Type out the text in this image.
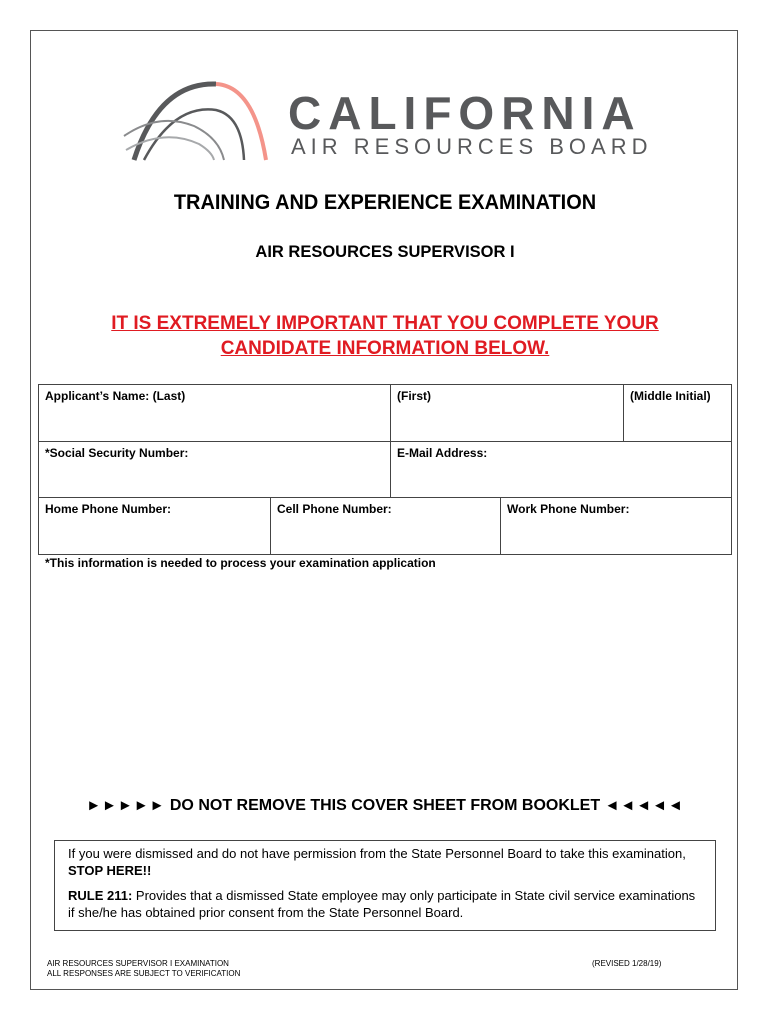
CALIFORNIA
AIR RESOURCES BOARD
TRAINING AND EXPERIENCE EXAMINATION
AIR RESOURCES SUPERVISOR I
IT IS EXTREMELY IMPORTANT THAT YOU COMPLETE YOUR
CANDIDATE INFORMATION BELOW.
Applicant’s Name: (Last)	(First)	(Middle Initial)
*Social Security Number:	E-Mail Address:
Home Phone Number:	Cell Phone Number:	Work Phone Number:
*This information is needed to process your examination application
►►►►► DO NOT REMOVE THIS COVER SHEET FROM BOOKLET ◄◄◄◄◄

If you were dismissed and do not have permission from the State Personnel Board to take this examination, STOP HERE!!

RULE 211: Provides that a dismissed State employee may only participate in State civil service examinations if she/he has obtained prior consent from the State Personnel Board.

AIR RESOURCES SUPERVISOR I EXAMINATION
ALL RESPONSES ARE SUBJECT TO VERIFICATION
(REVISED 1/28/19)
